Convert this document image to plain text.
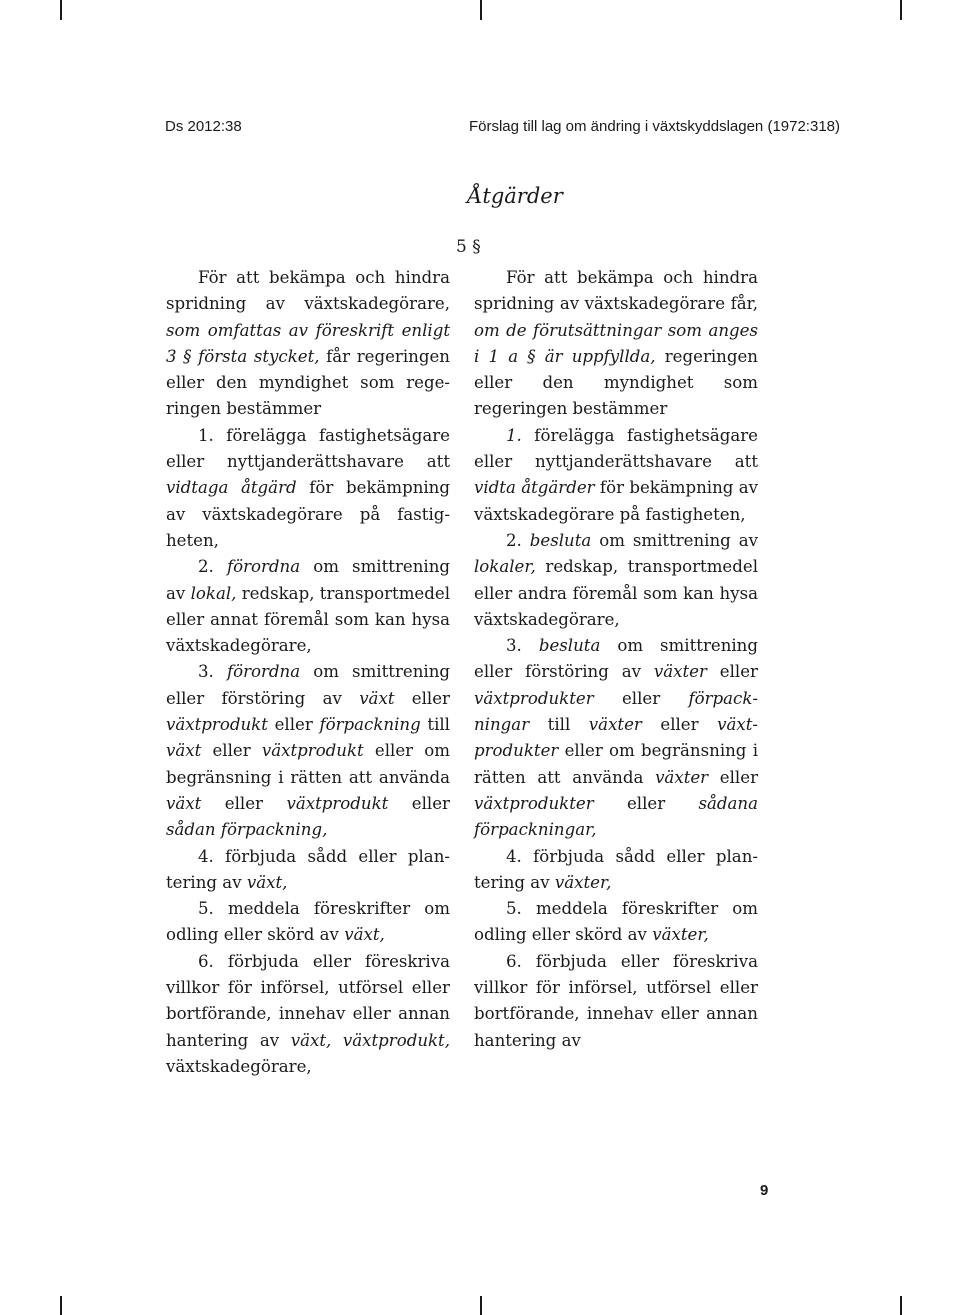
Ds 2012:38	Förslag till lag om ändring i växtskyddslagen (1972:318)
Åtgärder
5 §

För att bekämpa och hindra spridning av växtskadegörare, som omfattas av föreskrift enligt 3 § första stycket, får regeringen eller den myndighet som regeringen bestämmer

1. förelägga fastighetsägare eller nyttjanderättshavare att vidtaga åtgärd för bekämpning av växtskadegörare på fastigheten,

2. förordna om smittrening av lokal, redskap, transportmedel eller annat föremål som kan hysa växtskadegörare,

3. förordna om smittrening eller förstöring av växt eller växtprodukt eller förpackning till växt eller växtprodukt eller om begränsning i rätten att använda växt eller växtprodukt eller sådan förpackning,

4. förbjuda sådd eller plantering av växt,

5. meddela föreskrifter om odling eller skörd av växt,

6. förbjuda eller föreskriva villkor för införsel, utförsel eller bortförande, innehav eller annan hantering av växt, växtprodukt, växtskadegörare,

För att bekämpa och hindra spridning av växtskadegörare får, om de förutsättningar som anges i 1 a § är uppfyllda, regeringen eller den myndighet som regeringen bestämmer

1. förelägga fastighetsägare eller nyttjanderättshavare att vidta åtgärder för bekämpning av växtskadegörare på fastigheten,

2. besluta om smittrening av lokaler, redskap, transportmedel eller andra föremål som kan hysa växtskadegörare,

3. besluta om smittrening eller förstöring av växter eller växtprodukter eller förpackningar till växter eller växtprodukter eller om begränsning i rätten att använda växter eller växtprodukter eller sådana förpackningar,

4. förbjuda sådd eller plantering av växter,

5. meddela föreskrifter om odling eller skörd av växter,

6. förbjuda eller föreskriva villkor för införsel, utförsel eller bortförande, innehav eller annan hantering av

9
